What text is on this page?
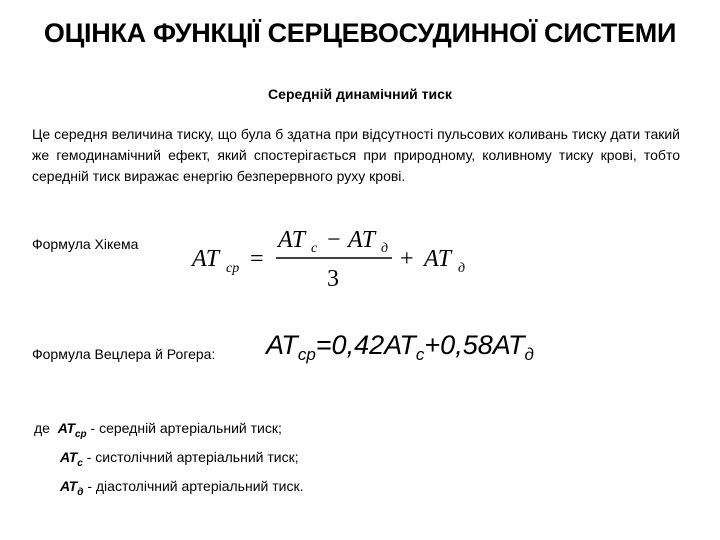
ОЦІНКА ФУНКЦІЇ СЕРЦЕВОСУДИННОЇ СИСТЕМИ
Середній динамічний тиск
Це середня величина тиску, що була б здатна при відсутності пульсових коливань тиску дати такий же гемодинамічний ефект, який спостерігається при природному, коливному тиску крові, тобто середній тиск виражає енергію безперервного руху крові.
Формула Хікема
AT ср =
AT с − AT д
3
+ AT д
Формула Вецлера й Рогера: $АТ_{ср}=0,42АТ_с+0,58АТ_д$
де $АТ_{ср}$ - середній артеріальний тиск;
$АТ_с$ - систолічний артеріальний тиск;
$АТ_д$ - діастолічний артеріальний тиск.
